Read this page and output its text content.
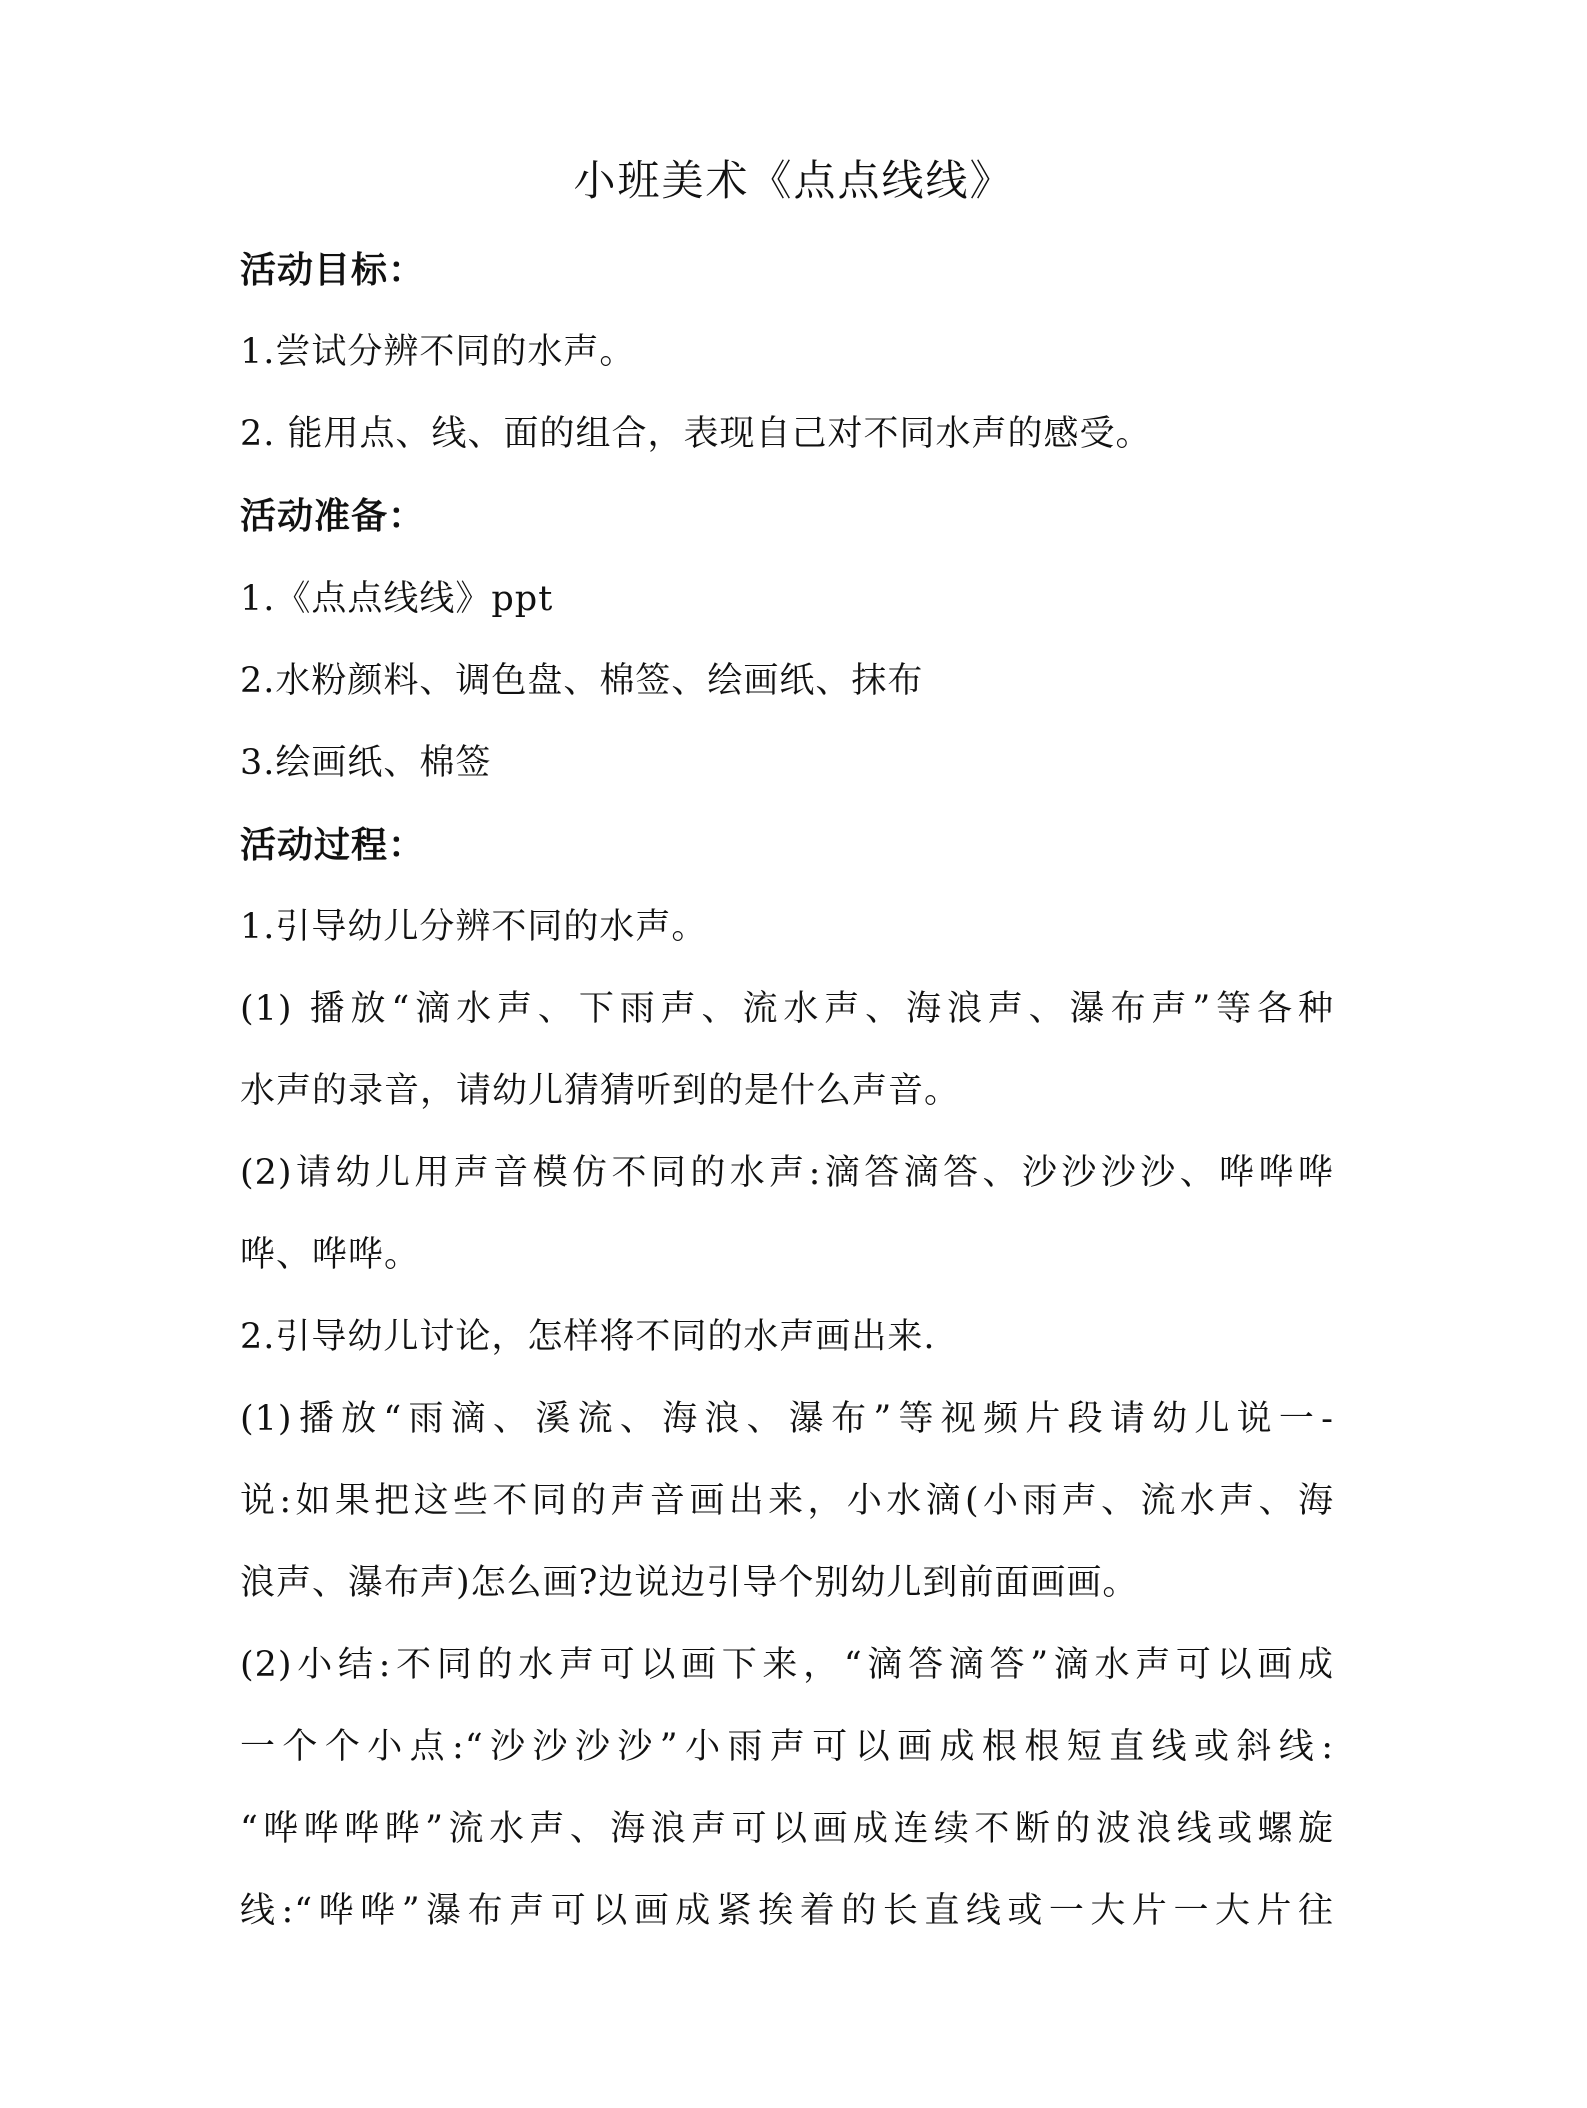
小班美术《点点线线》
活动目标：
1.尝试分辨不同的水声。
2. 能用点、线、面的组合，表现自己对不同水声的感受。
活动准备：
1.《点点线线》ppt
2.水粉颜料、调色盘、棉签、绘画纸、抹布
3.绘画纸、棉签
活动过程：
1.引导幼儿分辨不同的水声。
(1) 播放“滴水声、下雨声、流水声、海浪声、瀑布声”等各种
水声的录音，请幼儿猜猜听到的是什么声音。
(2)请幼儿用声音模仿不同的水声:滴答滴答、沙沙沙沙、哗哗哗
哗、哗哗。
2.引导幼儿讨论，怎样将不同的水声画出来.
(1)播放“雨滴、溪流、海浪、瀑布”等视频片段请幼儿说一-
说:如果把这些不同的声音画出来，小水滴(小雨声、流水声、海
浪声、瀑布声)怎么画?边说边引导个别幼儿到前面画画。
(2)小结:不同的水声可以画下来，“滴答滴答”滴水声可以画成
一个个小点:“沙沙沙沙”小雨声可以画成根根短直线或斜线:
“哗哗哗晔”流水声、海浪声可以画成连续不断的波浪线或螺旋
线:“哗哗”瀑布声可以画成紧挨着的长直线或一大片一大片往
